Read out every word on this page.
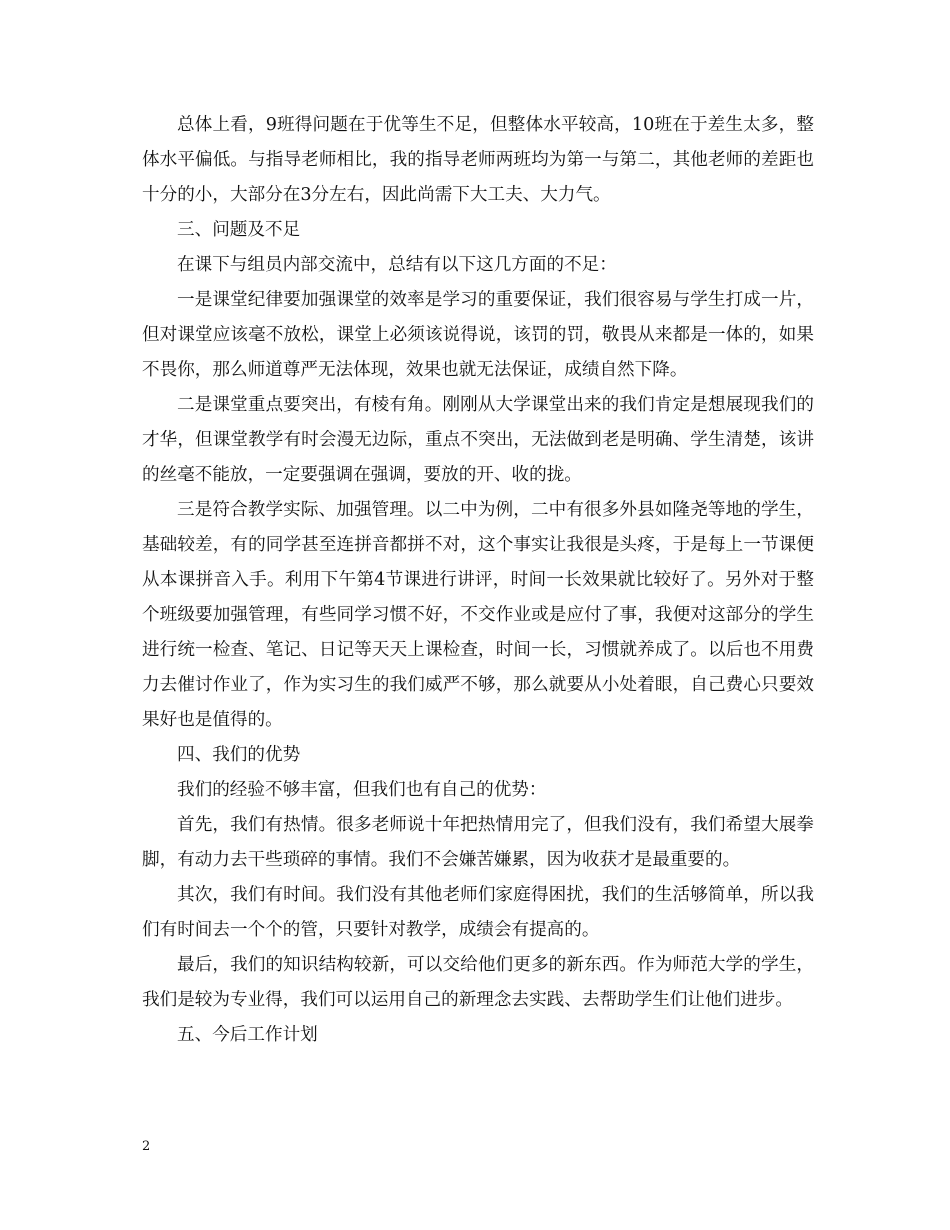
总体上看，9班得问题在于优等生不足，但整体水平较高，10班在于差生太多，整体水平偏低。与指导老师相比，我的指导老师两班均为第一与第二，其他老师的差距也十分的小，大部分在3分左右，因此尚需下大工夫、大力气。

三、问题及不足

在课下与组员内部交流中，总结有以下这几方面的不足：

一是课堂纪律要加强课堂的效率是学习的重要保证，我们很容易与学生打成一片，但对课堂应该毫不放松，课堂上必须该说得说，该罚的罚，敬畏从来都是一体的，如果不畏你，那么师道尊严无法体现，效果也就无法保证，成绩自然下降。

二是课堂重点要突出，有棱有角。刚刚从大学课堂出来的我们肯定是想展现我们的才华，但课堂教学有时会漫无边际，重点不突出，无法做到老是明确、学生清楚，该讲的丝毫不能放，一定要强调在强调，要放的开、收的拢。

三是符合教学实际、加强管理。以二中为例，二中有很多外县如隆尧等地的学生，基础较差，有的同学甚至连拼音都拼不对，这个事实让我很是头疼，于是每上一节课便从本课拼音入手。利用下午第4节课进行讲评，时间一长效果就比较好了。另外对于整个班级要加强管理，有些同学习惯不好，不交作业或是应付了事，我便对这部分的学生进行统一检查、笔记、日记等天天上课检查，时间一长，习惯就养成了。以后也不用费力去催讨作业了，作为实习生的我们威严不够，那么就要从小处着眼，自己费心只要效果好也是值得的。

四、我们的优势

我们的经验不够丰富，但我们也有自己的优势：

首先，我们有热情。很多老师说十年把热情用完了，但我们没有，我们希望大展拳脚，有动力去干些琐碎的事情。我们不会嫌苦嫌累，因为收获才是最重要的。

其次，我们有时间。我们没有其他老师们家庭得困扰，我们的生活够简单，所以我们有时间去一个个的管，只要针对教学，成绩会有提高的。

最后，我们的知识结构较新，可以交给他们更多的新东西。作为师范大学的学生，我们是较为专业得，我们可以运用自己的新理念去实践、去帮助学生们让他们进步。

五、今后工作计划

2
